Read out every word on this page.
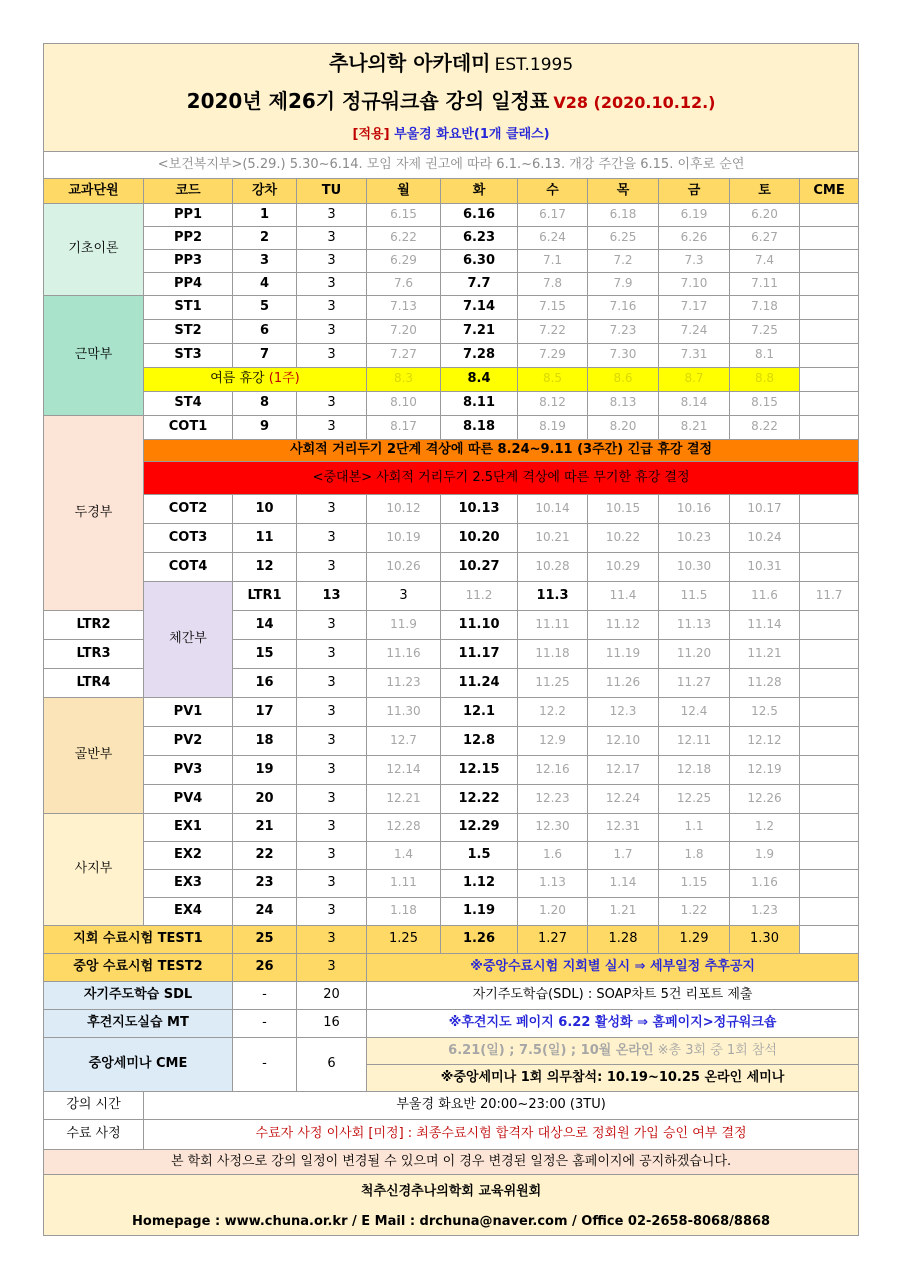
추나의학 아카데미 EST.1995											
2020년 제26기 정규워크숍 강의 일정표 V28 (2020.10.12.)											
[적용] 부울경 화요반(1개 클래스)											
<보건복지부>(5.29.) 5.30~6.14. 모임 자제 권고에 따라 6.1.~6.13. 개강 주간을 6.15. 이후로 순연											
교과단원	코드	강차	TU	월	화	수	목	금	토	CME	
기초이론	PP1	1	3	6.15	6.16	6.17	6.18	6.19	6.20		
	PP2	2	3	6.22	6.23	6.24	6.25	6.26	6.27		
	PP3	3	3	6.29	6.30	7.1	7.2	7.3	7.4		
	PP4	4	3	7.6	7.7	7.8	7.9	7.10	7.11		
근막부	ST1	5	3	7.13	7.14	7.15	7.16	7.17	7.18		
	ST2	6	3	7.20	7.21	7.22	7.23	7.24	7.25		
	ST3	7	3	7.27	7.28	7.29	7.30	7.31	8.1		
	여름 휴강 (1주)			8.3	8.4	8.5	8.6	8.7	8.8		
	ST4	8	3	8.10	8.11	8.12	8.13	8.14	8.15		
두경부	COT1	9	3	8.17	8.18	8.19	8.20	8.21	8.22		
	사회적 거리두기 2단계 격상에 따른 8.24~9.11 (3주간) 긴급 휴강 결정										
	<중대본> 사회적 거리두기 2.5단계 격상에 따른 무기한 휴강 결정										
	COT2	10	3	10.12	10.13	10.14	10.15	10.16	10.17		
	COT3	11	3	10.19	10.20	10.21	10.22	10.23	10.24		
	COT4	12	3	10.26	10.27	10.28	10.29	10.30	10.31		
	체간부	LTR1	13	3	11.2	11.3	11.4	11.5	11.6	11.7	
LTR2		14	3	11.9	11.10	11.11	11.12	11.13	11.14		
LTR3		15	3	11.16	11.17	11.18	11.19	11.20	11.21		
LTR4		16	3	11.23	11.24	11.25	11.26	11.27	11.28		
골반부	PV1	17	3	11.30	12.1	12.2	12.3	12.4	12.5		
	PV2	18	3	12.7	12.8	12.9	12.10	12.11	12.12		
	PV3	19	3	12.14	12.15	12.16	12.17	12.18	12.19		
	PV4	20	3	12.21	12.22	12.23	12.24	12.25	12.26		
사지부	EX1	21	3	12.28	12.29	12.30	12.31	1.1	1.2		
	EX2	22	3	1.4	1.5	1.6	1.7	1.8	1.9		
	EX3	23	3	1.11	1.12	1.13	1.14	1.15	1.16		
	EX4	24	3	1.18	1.19	1.20	1.21	1.22	1.23		
지회 수료시험 TEST1		25	3	1.25	1.26	1.27	1.28	1.29	1.30		
중앙 수료시험 TEST2		26	3	※중앙수료시험 지회별 실시 ⇒ 세부일정 추후공지							
자기주도학습 SDL		-	20	자기주도학습(SDL) : SOAP차트 5건 리포트 제출							
후견지도실습 MT		-	16	※후견지도 페이지 6.22 활성화 ⇒ 홈페이지>정규워크숍							
중앙세미나 CME		-	6	6.21(일) ; 7.5(일) ; 10월 온라인 ※총 3회 중 1회 참석							
				※중앙세미나 1회 의무참석: 10.19~10.25 온라인 세미나							
강의 시간	부울경 화요반 20:00~23:00 (3TU)										
수료 사정	수료자 사정 이사회 [미정] : 최종수료시험 합격자 대상으로 정회원 가입 승인 여부 결정										
본 학회 사정으로 강의 일정이 변경될 수 있으며 이 경우 변경된 일정은 홈페이지에 공지하겠습니다.											
척추신경추나의학회 교육위원회											
Homepage : www.chuna.or.kr / E Mail : drchuna@naver.com / Office 02-2658-8068/8868											
